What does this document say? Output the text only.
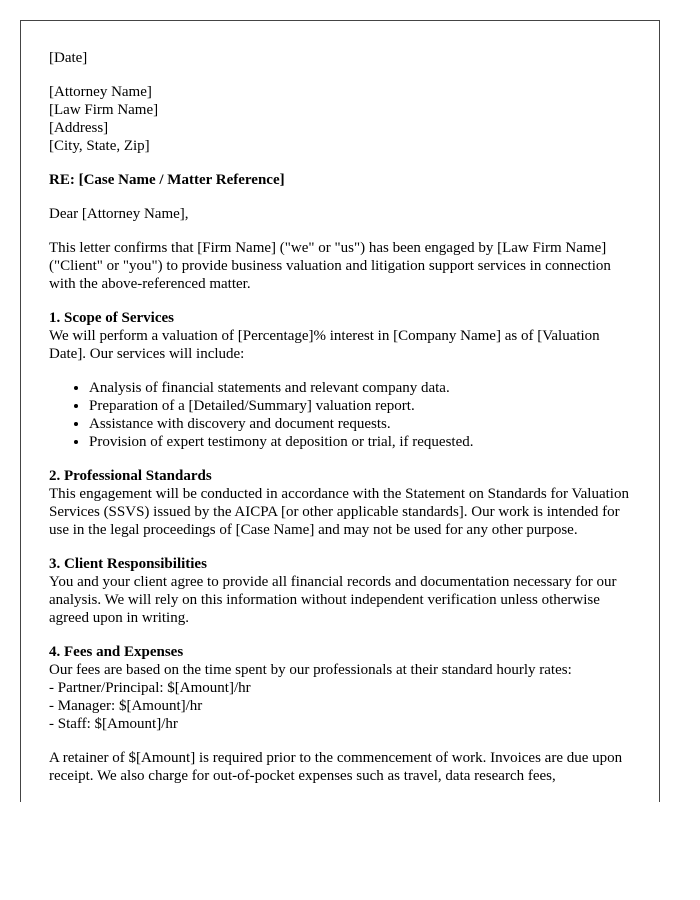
[Date]

[Attorney Name]
[Law Firm Name]
[Address]
[City, State, Zip]

RE: [Case Name / Matter Reference]

Dear [Attorney Name],

This letter confirms that [Firm Name] ("we" or "us") has been engaged by [Law Firm Name] ("Client" or "you") to provide business valuation and litigation support services in connection with the above-referenced matter.

1. Scope of Services
We will perform a valuation of [Percentage]% interest in [Company Name] as of [Valuation Date]. Our services will include:
• Analysis of financial statements and relevant company data.
• Preparation of a [Detailed/Summary] valuation report.
• Assistance with discovery and document requests.
• Provision of expert testimony at deposition or trial, if requested.
2. Professional Standards
This engagement will be conducted in accordance with the Statement on Standards for Valuation Services (SSVS) issued by the AICPA [or other applicable standards]. Our work is intended for use in the legal proceedings of [Case Name] and may not be used for any other purpose.
3. Client Responsibilities
You and your client agree to provide all financial records and documentation necessary for our analysis. We will rely on this information without independent verification unless otherwise agreed upon in writing.
4. Fees and Expenses
Our fees are based on the time spent by our professionals at their standard hourly rates:
- Partner/Principal: $[Amount]/hr
- Manager: $[Amount]/hr
- Staff: $[Amount]/hr

A retainer of $[Amount] is required prior to the commencement of work. Invoices are due upon receipt. We also charge for out-of-pocket expenses such as travel, data research fees,
